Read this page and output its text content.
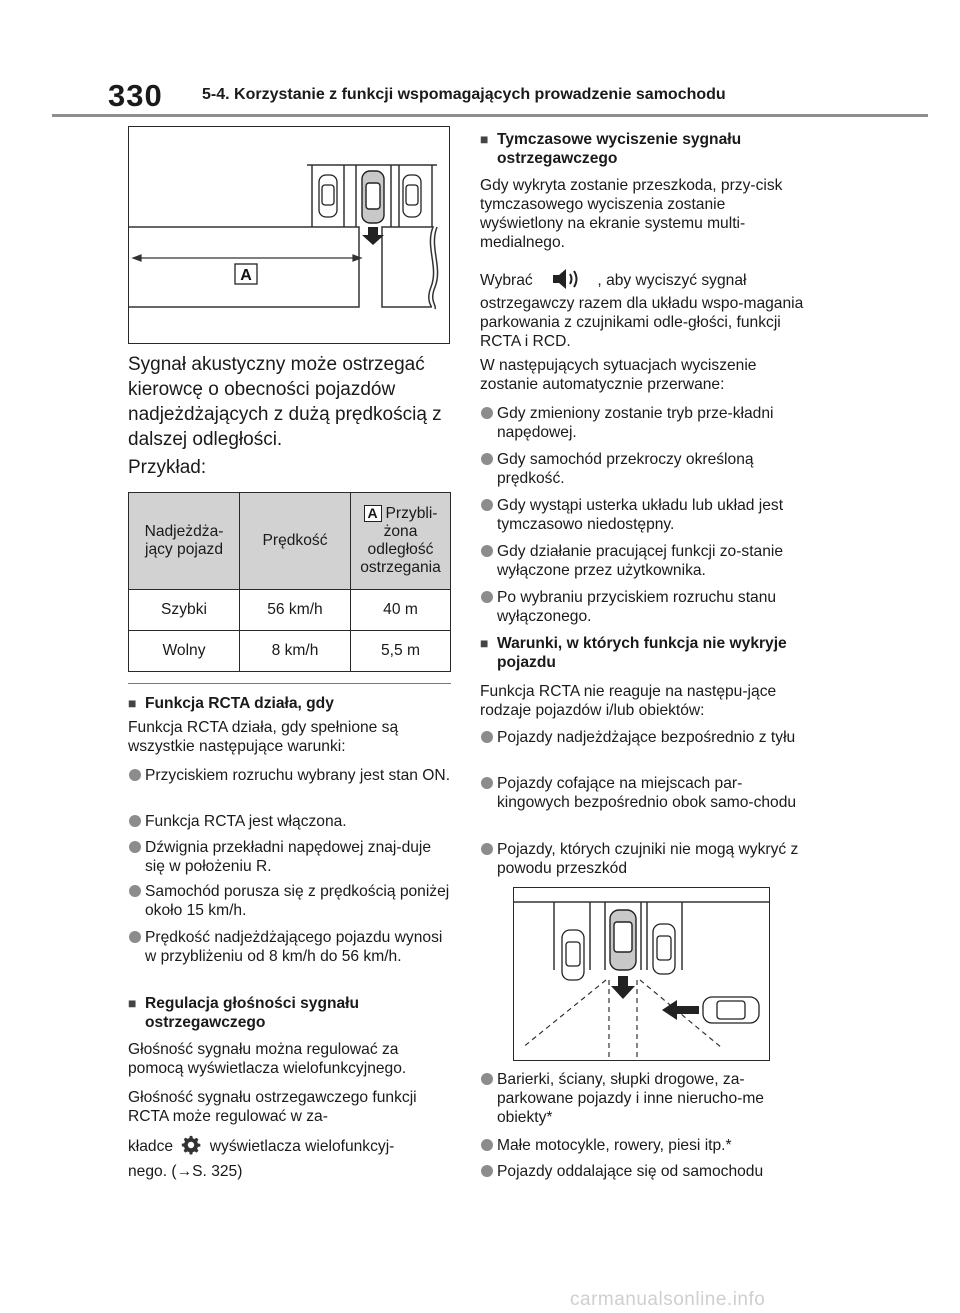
330 5-4. Korzystanie z funkcji wspomagających prowadzenie samochodu
A
Sygnał akustyczny może ostrzegać kierowcę o obecności pojazdów nadjeżdżających z dużą prędkością z dalszej odległości.
Przykład:
Nadjeżdża-jący pojazd	Prędkość	A Przybli-żona odległość ostrzegania
Szybki	56 km/h	40 m
Wolny	8 km/h	5,5 m
■ Funkcja RCTA działa, gdy
Funkcja RCTA działa, gdy spełnione są wszystkie następujące warunki:
Przyciskiem rozruchu wybrany jest stan ON.
Funkcja RCTA jest włączona.
Dźwignia przekładni napędowej znaj-duje się w położeniu R.
Samochód porusza się z prędkością poniżej około 15 km/h.
Prędkość nadjeżdżającego pojazdu wynosi w przybliżeniu od 8 km/h do 56 km/h.
■ Regulacja głośności sygnału ostrzegawczego
Głośność sygnału można regulować za pomocą wyświetlacza wielofunkcyjnego.
Głośność sygnału ostrzegawczego funkcji RCTA może regulować w za-
kładce wyświetlacza wielofunkcyj-
nego. (→S. 325)
■ Tymczasowe wyciszenie sygnału ostrzegawczego
Gdy wykryta zostanie przeszkoda, przy-cisk tymczasowego wyciszenia zostanie wyświetlony na ekranie systemu multi-medialnego.
Wybrać	, aby wyciszyć sygnał
ostrzegawczy razem dla układu wspo-magania parkowania z czujnikami odle-głości, funkcji RCTA i RCD.
W następujących sytuacjach wyciszenie zostanie automatycznie przerwane:
Gdy zmieniony zostanie tryb prze-kładni napędowej.
Gdy samochód przekroczy określoną prędkość.
Gdy wystąpi usterka układu lub układ jest tymczasowo niedostępny.
Gdy działanie pracującej funkcji zo-stanie wyłączone przez użytkownika.
Po wybraniu przyciskiem rozruchu stanu wyłączonego.
■ Warunki, w których funkcja nie wykryje pojazdu
Funkcja RCTA nie reaguje na następu-jące rodzaje pojazdów i/lub obiektów:
Pojazdy nadjeżdżające bezpośrednio z tyłu
Pojazdy cofające na miejscach par-kingowych bezpośrednio obok samo-chodu
Pojazdy, których czujniki nie mogą wykryć z powodu przeszkód
Barierki, ściany, słupki drogowe, za-parkowane pojazdy i inne nierucho-me obiekty*
Małe motocykle, rowery, piesi itp.*
Pojazdy oddalające się od samochodu
carmanualsonline.info
